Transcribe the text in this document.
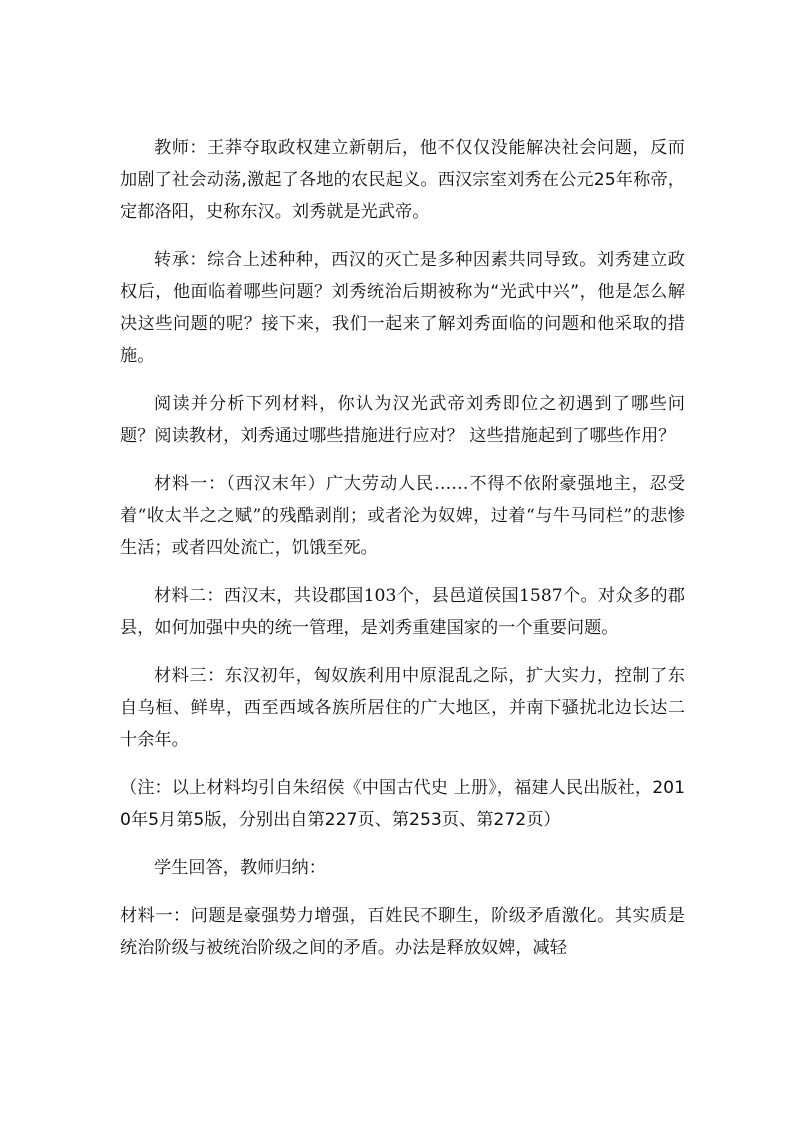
教师：王莽夺取政权建立新朝后，他不仅仅没能解决社会问题，反而加剧了社会动荡,激起了各地的农民起义。西汉宗室刘秀在公元25年称帝，定都洛阳，史称东汉。刘秀就是光武帝。

转承：综合上述种种，西汉的灭亡是多种因素共同导致。刘秀建立政权后，他面临着哪些问题？刘秀统治后期被称为“光武中兴”，他是怎么解决这些问题的呢？接下来，我们一起来了解刘秀面临的问题和他采取的措施。

阅读并分析下列材料，你认为汉光武帝刘秀即位之初遇到了哪些问题？阅读教材，刘秀通过哪些措施进行应对？ 这些措施起到了哪些作用？

材料一：（西汉末年）广大劳动人民……不得不依附豪强地主，忍受着“收太半之之赋”的残酷剥削；或者沦为奴婢，过着“与牛马同栏”的悲惨生活；或者四处流亡，饥饿至死。

材料二：西汉末，共设郡国103个，县邑道侯国1587个。对众多的郡县，如何加强中央的统一管理，是刘秀重建国家的一个重要问题。

材料三：东汉初年，匈奴族利用中原混乱之际，扩大实力，控制了东自乌桓、鲜卑，西至西域各族所居住的广大地区，并南下骚扰北边长达二十余年。

（注：以上材料均引自朱绍侯《中国古代史 上册》，福建人民出版社，2010年5月第5版，分别出自第227页、第253页、第272页）

学生回答，教师归纳：

材料一：问题是豪强势力增强，百姓民不聊生，阶级矛盾激化。其实质是统治阶级与被统治阶级之间的矛盾。办法是释放奴婢，减轻
